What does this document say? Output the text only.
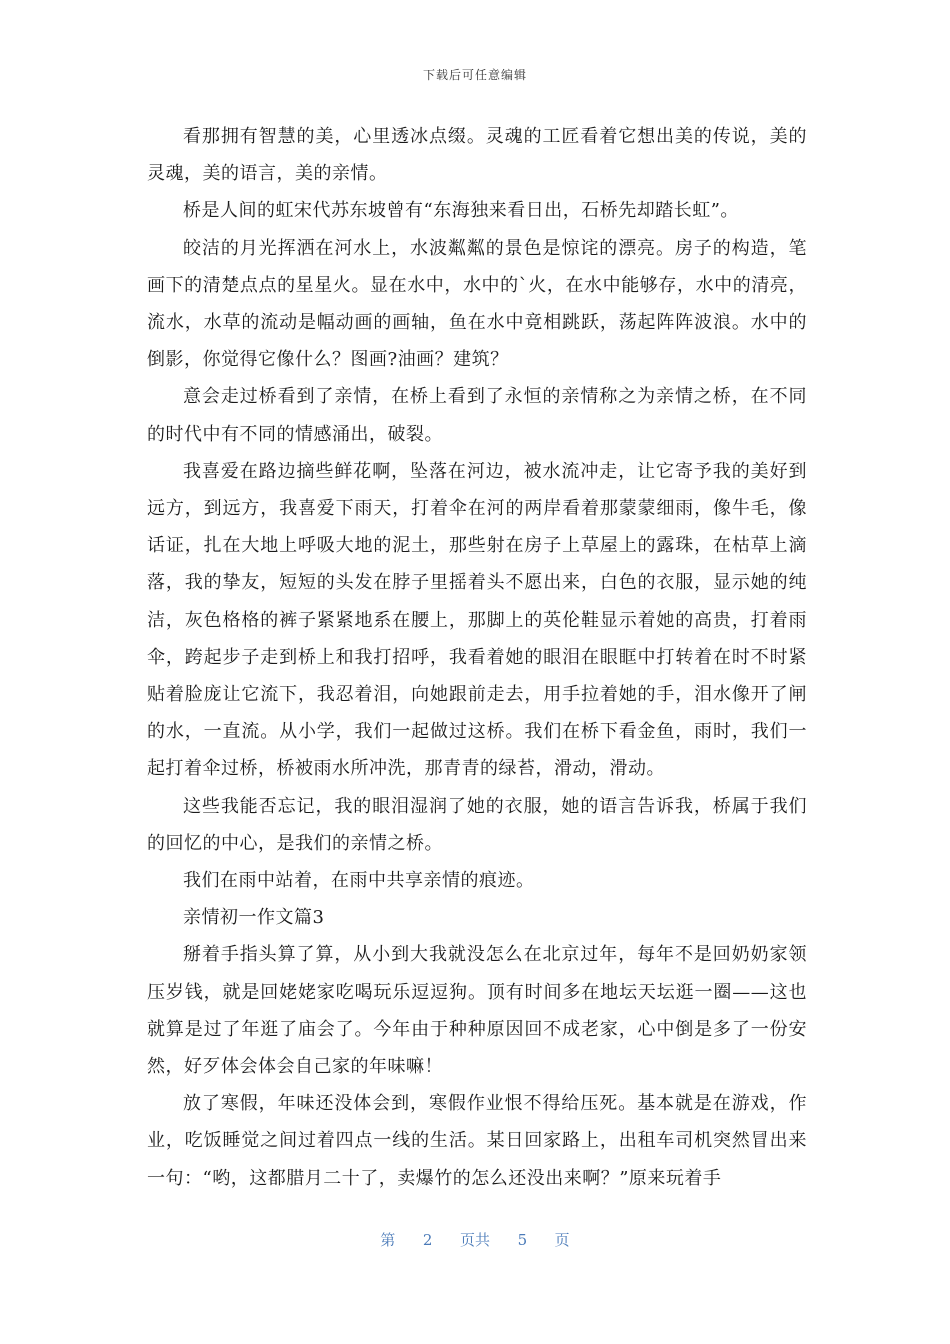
下载后可任意编辑

看那拥有智慧的美，心里透冰点缀。灵魂的工匠看着它想出美的传说，美的灵魂，美的语言，美的亲情。

桥是人间的虹宋代苏东坡曾有“东海独来看日出，石桥先却踏长虹”。

皎洁的月光挥洒在河水上，水波粼粼的景色是惊诧的漂亮。房子的构造，笔画下的清楚点点的星星火。显在水中，水中的`火，在水中能够存，水中的清亮，流水，水草的流动是幅动画的画轴，鱼在水中竟相跳跃，荡起阵阵波浪。水中的倒影，你觉得它像什么？图画?油画？建筑？

意会走过桥看到了亲情，在桥上看到了永恒的亲情称之为亲情之桥，在不同的时代中有不同的情感涌出，破裂。

我喜爱在路边摘些鲜花啊，坠落在河边，被水流冲走，让它寄予我的美好到远方，到远方，我喜爱下雨天，打着伞在河的两岸看着那蒙蒙细雨，像牛毛，像话证，扎在大地上呼吸大地的泥土，那些射在房子上草屋上的露珠，在枯草上滴落，我的挚友，短短的头发在脖子里摇着头不愿出来，白色的衣服，显示她的纯洁，灰色格格的裤子紧紧地系在腰上，那脚上的英伦鞋显示着她的高贵，打着雨伞，跨起步子走到桥上和我打招呼，我看着她的眼泪在眼眶中打转着在时不时紧贴着脸庞让它流下，我忍着泪，向她跟前走去，用手拉着她的手，泪水像开了闸的水，一直流。从小学，我们一起做过这桥。我们在桥下看金鱼，雨时，我们一起打着伞过桥，桥被雨水所冲洗，那青青的绿苔，滑动，滑动。

这些我能否忘记，我的眼泪湿润了她的衣服，她的语言告诉我，桥属于我们的回忆的中心，是我们的亲情之桥。

我们在雨中站着，在雨中共享亲情的痕迹。

亲情初一作文篇3

掰着手指头算了算，从小到大我就没怎么在北京过年，每年不是回奶奶家领压岁钱，就是回姥姥家吃喝玩乐逗逗狗。顶有时间多在地坛天坛逛一圈——这也就算是过了年逛了庙会了。今年由于种种原因回不成老家，心中倒是多了一份安然，好歹体会体会自己家的年味嘛！

放了寒假，年味还没体会到，寒假作业恨不得给压死。基本就是在游戏，作业，吃饭睡觉之间过着四点一线的生活。某日回家路上，出租车司机突然冒出来一句：“哟，这都腊月二十了，卖爆竹的怎么还没出来啊？”原来玩着手

第 2 页共 5 页
